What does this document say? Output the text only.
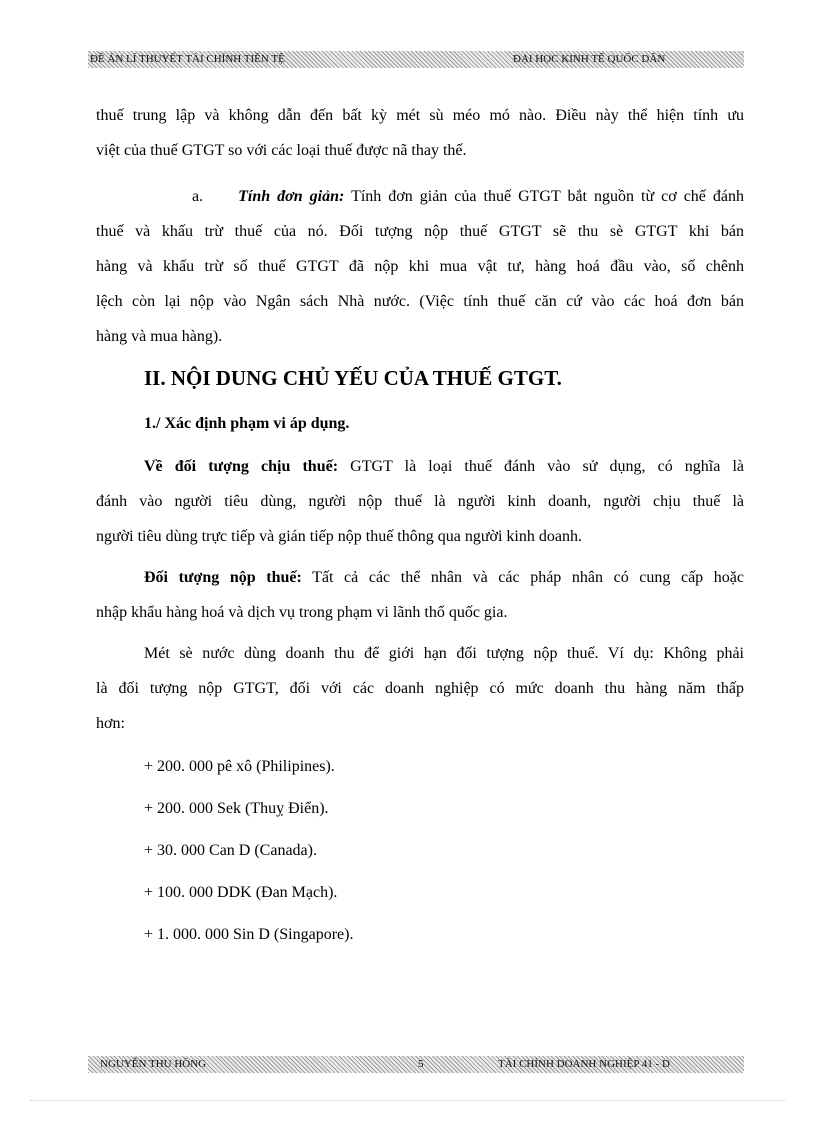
ĐỀ ÁN LÍ THUYẾT TÀI CHÍNH TIỀN TỆ	ĐẠI HỌC KINH TẾ QUỐC DÂN

thuế trung lập và không dẫn đến bất kỳ mét sù méo mó nào. Điều này thể hiện tính ưu
việt của thuế GTGT so với các loại thuế được nã thay thế.

a. Tính đơn giản: Tính đơn giản của thuế GTGT bắt nguồn từ cơ chế đánh
thuế và khấu trừ thuế của nó. Đối tượng nộp thuế GTGT sẽ thu sè GTGT khi bán
hàng và khấu trừ số thuế GTGT đã nộp khi mua vật tư, hàng hoá đầu vào, số chênh
lệch còn lại nộp vào Ngân sách Nhà nước. (Việc tính thuế căn cứ vào các hoá đơn bán
hàng và mua hàng).
II. NỘI DUNG CHỦ YẾU CỦA THUẾ GTGT.
1./ Xác định phạm vi áp dụng.
Về đối tượng chịu thuế: GTGT là loại thuế đánh vào sử dụng, có nghĩa là
đánh vào người tiêu dùng, người nộp thuế là người kinh doanh, người chịu thuế là
người tiêu dùng trực tiếp và gián tiếp nộp thuế thông qua người kinh doanh.
Đối tượng nộp thuế: Tất cả các thể nhân và các pháp nhân có cung cấp hoặc
nhập khẩu hàng hoá và dịch vụ trong phạm vi lãnh thổ quốc gia.
Mét sè nước dùng doanh thu để giới hạn đối tượng nộp thuế. Ví dụ: Không phải
là đối tượng nộp GTGT, đối với các doanh nghiệp có mức doanh thu hàng năm thấp
hơn:
+ 200. 000 pê xô (Philipines).
+ 200. 000 Sek (Thuỵ Điển).
+ 30. 000 Can D (Canada).
+ 100. 000 DDK (Đan Mạch).
+ 1. 000. 000 Sin D (Singapore).
NGUYỄN THU HỒNG	5	TÀI CHÍNH DOANH NGHIỆP 41 - D
